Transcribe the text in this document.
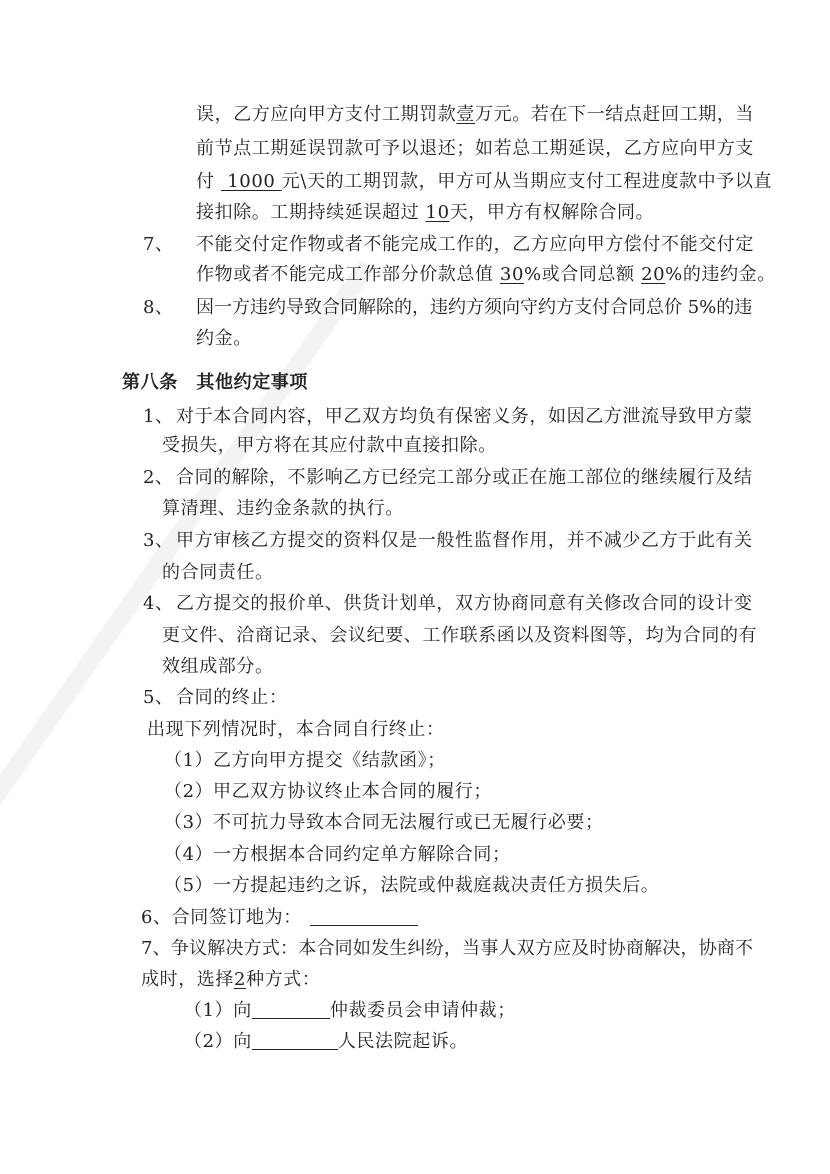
误，乙方应向甲方支付工期罚款壹万元。若在下一结点赶回工期，当
前节点工期延误罚款可予以退还；如若总工期延误，乙方应向甲方支
付  1000 元\天的工期罚款，甲方可从当期应支付工程进度款中予以直
接扣除。工期持续延误超过 10天，甲方有权解除合同。
7、 不能交付定作物或者不能完成工作的，乙方应向甲方偿付不能交付定
作物或者不能完成工作部分价款总值 30%或合同总额 20%的违约金。
8、 因一方违约导致合同解除的，违约方须向守约方支付合同总价 5%的违
约金。
第八条　其他约定事项
1、 对于本合同内容，甲乙双方均负有保密义务，如因乙方泄流导致甲方蒙
受损失，甲方将在其应付款中直接扣除。
2、 合同的解除，不影响乙方已经完工部分或正在施工部位的继续履行及结
算清理、违约金条款的执行。
3、 甲方审核乙方提交的资料仅是一般性监督作用，并不减少乙方于此有关
的合同责任。
4、 乙方提交的报价单、供货计划单，双方协商同意有关修改合同的设计变
更文件、洽商记录、会议纪要、工作联系函以及资料图等，均为合同的有
效组成部分。
5、 合同的终止：
出现下列情况时，本合同自行终止：
（1） 乙方向甲方提交《结款函》；
（2） 甲乙双方协议终止本合同的履行；
（3） 不可抗力导致本合同无法履行或已无履行必要；
（4） 一方根据本合同约定单方解除合同；
（5） 一方提起违约之诉，法院或仲裁庭裁决责任方损失后。
6、合同签订地为：
7、争议解决方式：本合同如发生纠纷，当事人双方应及时协商解决，协商不
成时，选择2种方式：
（1）向	仲裁委员会申请仲裁；
（2）向	人民法院起诉。
